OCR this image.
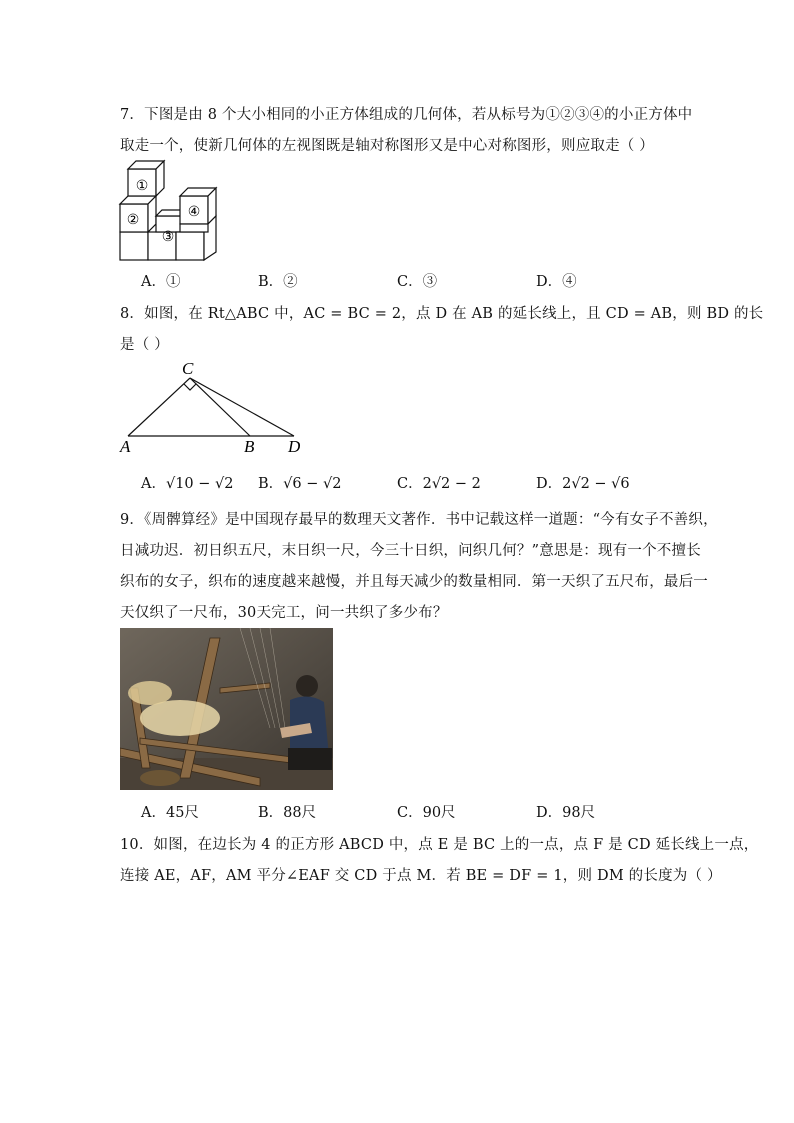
7．下图是由 8 个大小相同的小正方体组成的几何体，若从标号为①②③④的小正方体中
取走一个，使新几何体的左视图既是轴对称图形又是中心对称图形，则应取走（ ）
①
②
③
④
A．①	B．②	C．③	D．④
8．如图，在 Rt△ABC 中，AC = BC = 2，点 D 在 AB 的延长线上，且 CD = AB，则 BD 的长
是（ ）
C
A	B D
A．√10 − √2 B．√6 − √2	C．2√2 − 2	D．2√2 − √6
9．《周髀算经》是中国现存最早的数理天文著作．书中记载这样一道题：“今有女子不善织，
日减功迟．初日织五尺，末日织一尺，今三十日织，问织几何？”意思是：现有一个不擅长
织布的女子，织布的速度越来越慢，并且每天减少的数量相同．第一天织了五尺布，最后一
天仅织了一尺布，30天完工，问一共织了多少布？
A．45尺	B．88尺	C．90尺	D．98尺
10．如图，在边长为 4 的正方形 ABCD 中，点 E 是 BC 上的一点，点 F 是 CD 延长线上一点，
连接 AE，AF，AM 平分∠EAF 交 CD 于点 M．若 BE = DF = 1，则 DM 的长度为（ ）
